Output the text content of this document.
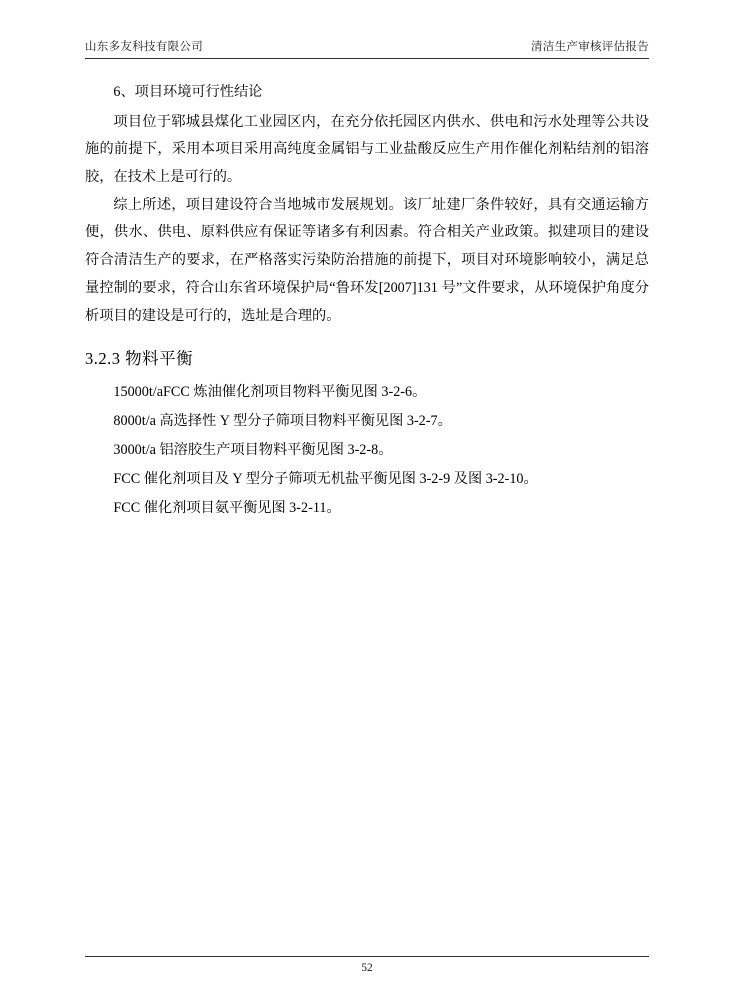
山东多友科技有限公司	清洁生产审核评估报告
6、项目环境可行性结论

项目位于郓城县煤化工业园区内，在充分依托园区内供水、供电和污水处理等公共设施的前提下，采用本项目采用高纯度金属铝与工业盐酸反应生产用作催化剂粘结剂的铝溶胶，在技术上是可行的。

综上所述，项目建设符合当地城市发展规划。该厂址建厂条件较好，具有交通运输方便，供水、供电、原料供应有保证等诸多有利因素。符合相关产业政策。拟建项目的建设符合清洁生产的要求，在严格落实污染防治措施的前提下，项目对环境影响较小，满足总量控制的要求，符合山东省环境保护局“鲁环发[2007]131 号”文件要求，从环境保护角度分析项目的建设是可行的，选址是合理的。

3.2.3 物料平衡

15000t/aFCC 炼油催化剂项目物料平衡见图 3-2-6。

8000t/a 高选择性 Y 型分子筛项目物料平衡见图 3-2-7。

3000t/a 铝溶胶生产项目物料平衡见图 3-2-8。

FCC 催化剂项目及 Y 型分子筛项无机盐平衡见图 3-2-9 及图 3-2-10。

FCC 催化剂项目氨平衡见图 3-2-11。

52
